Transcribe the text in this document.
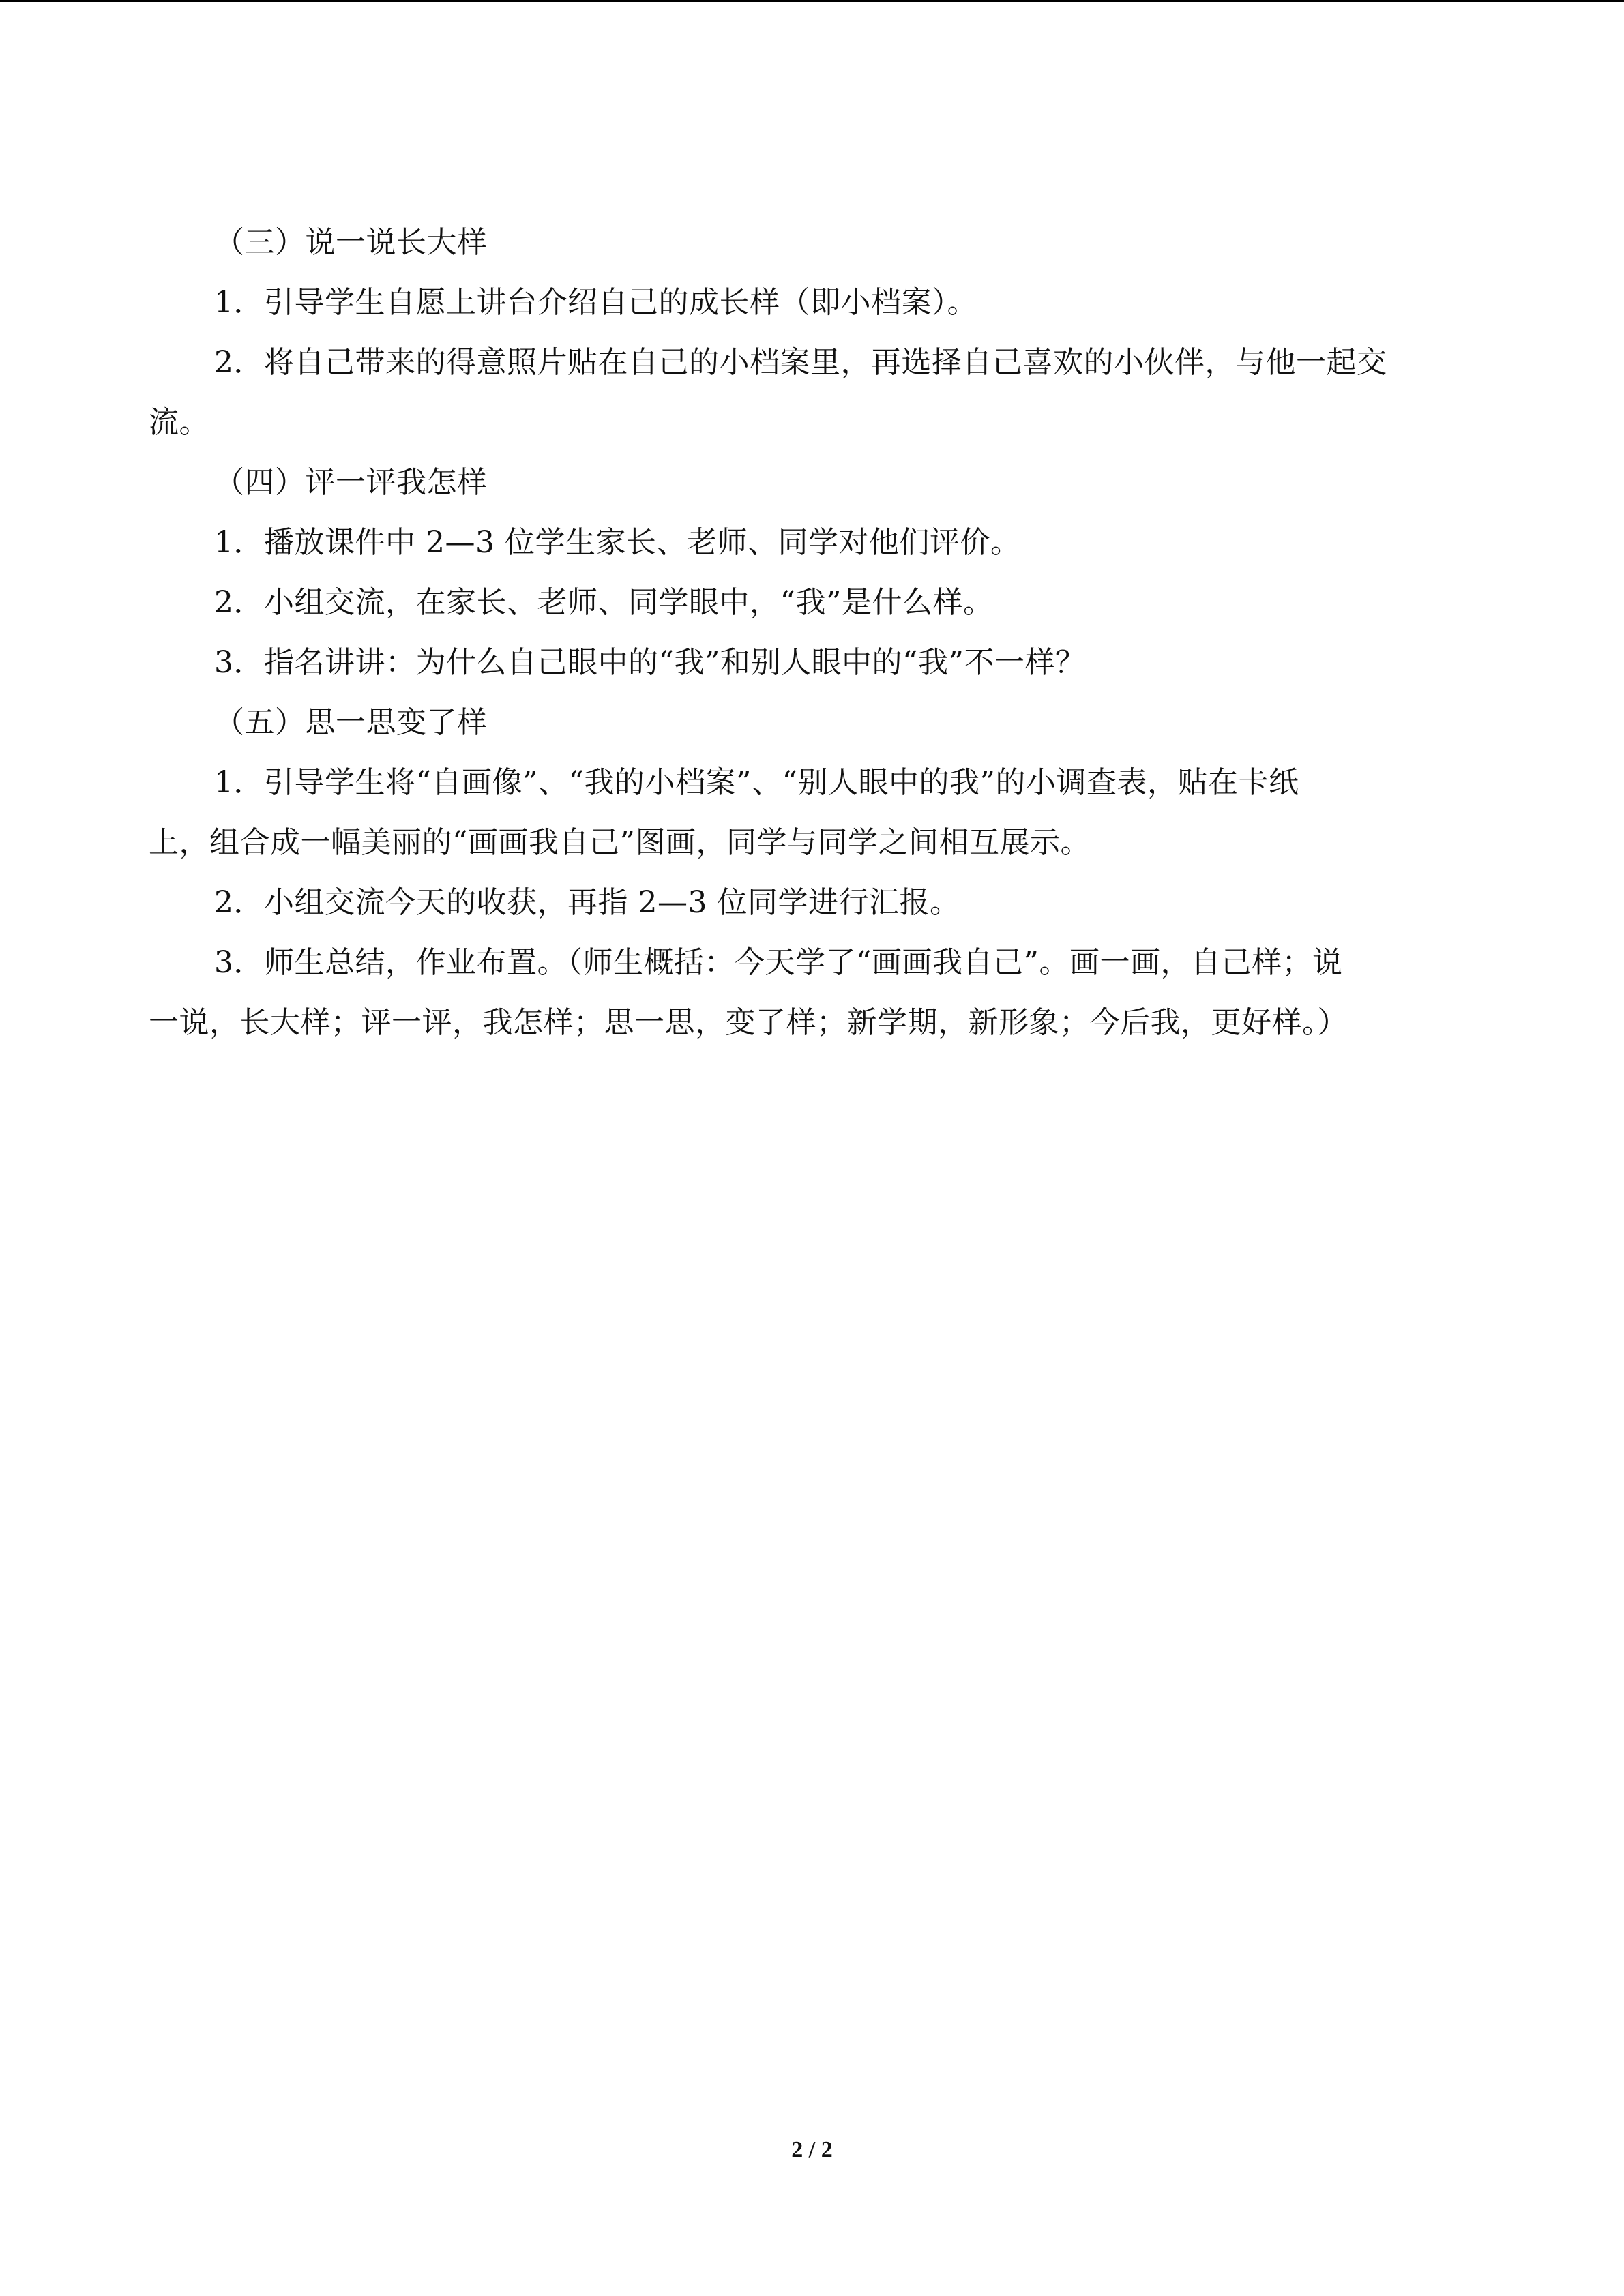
（三）说一说长大样
1．引导学生自愿上讲台介绍自己的成长样（即小档案）。
2．将自己带来的得意照片贴在自己的小档案里，再选择自己喜欢的小伙伴，与他一起交
流。
（四）评一评我怎样
1．播放课件中 2—3 位学生家长、老师、同学对他们评价。
2．小组交流，在家长、老师、同学眼中，“我”是什么样。
3．指名讲讲：为什么自己眼中的“我”和别人眼中的“我”不一样？
（五）思一思变了样
1．引导学生将“自画像”、“我的小档案”、“别人眼中的我”的小调查表，贴在卡纸
上，组合成一幅美丽的“画画我自己”图画，同学与同学之间相互展示。
2．小组交流今天的收获，再指 2—3 位同学进行汇报。
3．师生总结，作业布置。（师生概括：今天学了“画画我自己”。画一画，自己样；说
一说，长大样；评一评，我怎样；思一思，变了样；新学期，新形象；今后我，更好样。）
2 / 2
